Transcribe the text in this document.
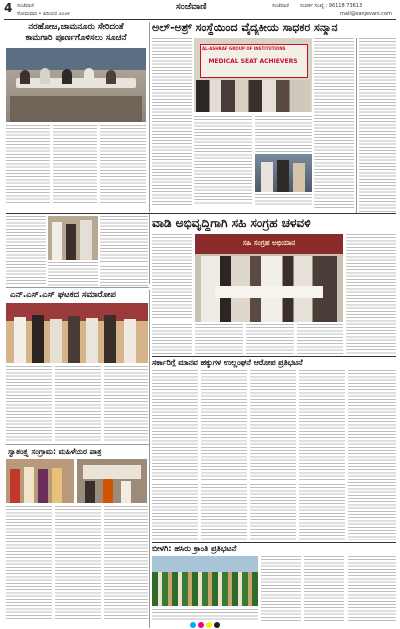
4 ಸಂಜೆವಾಣಿ
ಸೋಮವಾರ • ಹಿರಿಯರ ೨೦೨೪
ಸಂಜೆವಾಣಿ	ಸಂಜೆವಾಣಿ ಸಂಪರ್ಕ ಸಂಖ್ಯೆ : 96118 73613
mail@sanjevani.com
ನರಹೋಜ,ಜಾಮನೂರು ಸೇರಿದಂತೆ
ಕಾಮಗಾರಿ ಪೂರ್ಣಗೊಳಿಸಲು ಸೂಚನೆ
ಅಲ್-ಅಶ್ರ್ ಸಂಸ್ಥೆಯಿಂದ ವೈದ್ಯಕೀಯ ಸಾಧಕರ ಸನ್ಮಾನ
AL-ASHRAF GROUP OF INSTITUTIONS
MEDICAL SEAT ACHIEVERS
ವಾಡಿ ಅಭಿವೃದ್ಧಿಗಾಗಿ ಸಹಿ ಸಂಗ್ರಹ ಚಳವಳಿ
ಸಹಿ ಸಂಗ್ರಹ ಅಭಿಯಾನ
ಎನ್.ಎಸ್.ಎಸ್ ಘಟಕದ ಸಮಾರೋಪ
ಸರ್ಕಾರಿಗ್ಗೆ ಮಾನವ ಹಕ್ಕುಗಳ ಉಲ್ಲಂಘನೆ ಆರೋಪ ಪ್ರತಿಭಟನೆ
ಸ್ವಾತಂತ್ರ್ಯ ಸಂಗ್ರಾಮ: ಮಹಿಳೆಯರ ಪಾತ್ರ
ಬೀಳಗಿ: ಹಸಿರು ಕ್ರಾಂತಿ ಪ್ರತಿಭಟನೆ
